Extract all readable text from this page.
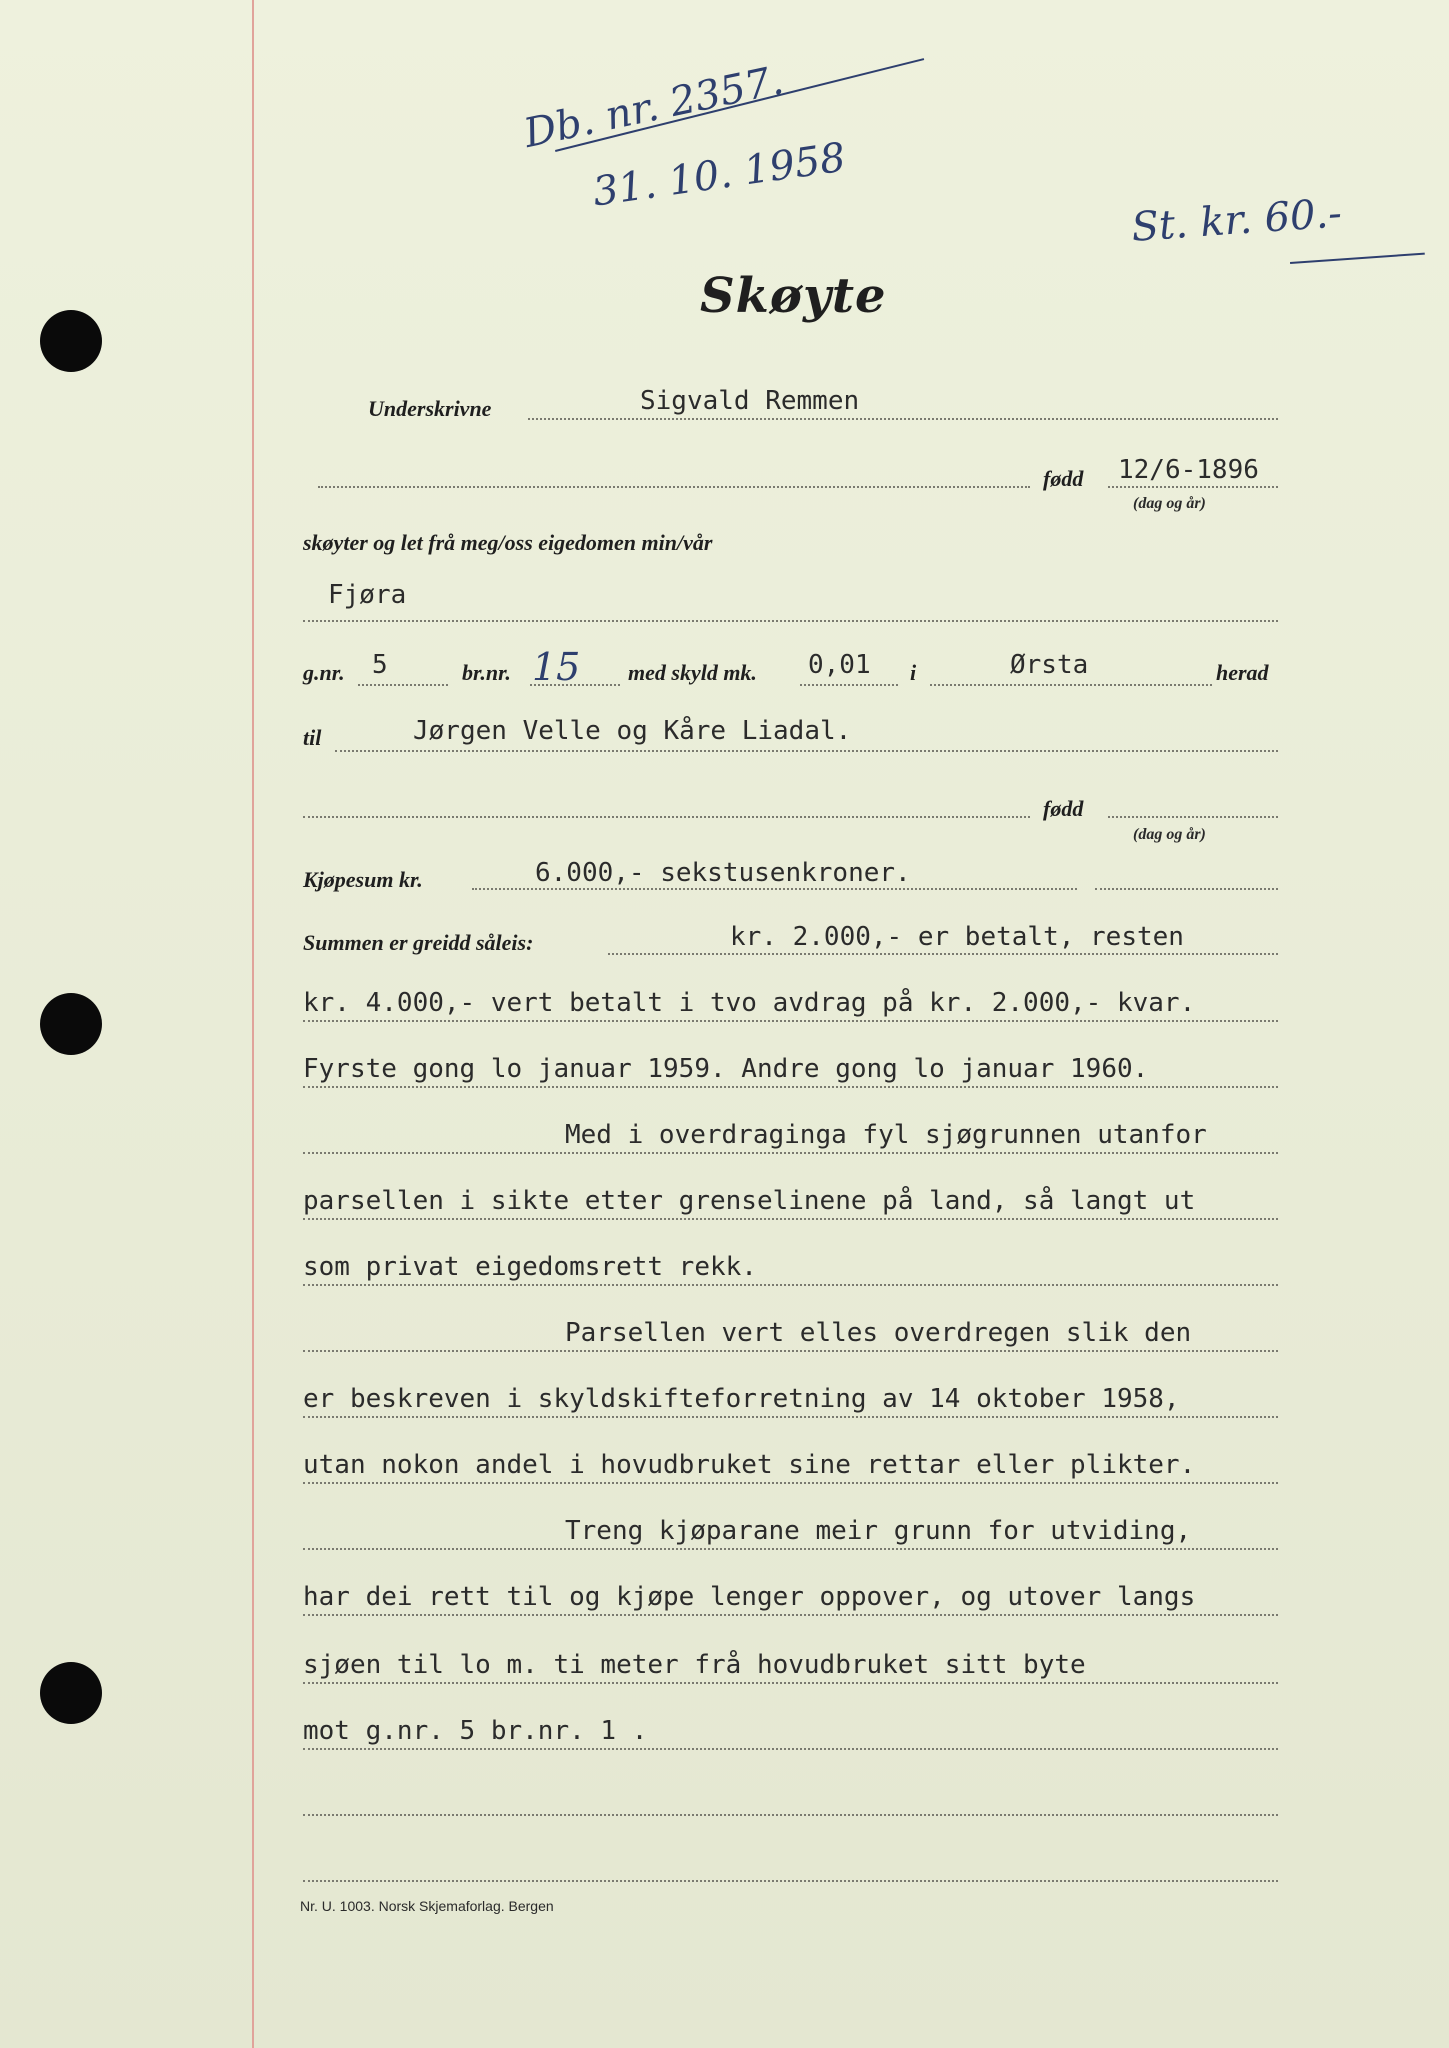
Db. nr. 2357.
31. 10. 1958
St. kr. 60.-
Skøyte
Underskrivne	Sigvald Remmen
fødd 12/6-1896
(dag og år)
skøyter og let frå meg/oss eigedomen min/vår
Fjøra
g.nr. 5	br.nr. 15 med skyld mk. 0,01 i	Ørsta	herad
til	Jørgen Velle og Kåre Liadal.
fødd
(dag og år)
Kjøpesum kr.	6.000,- sekstusenkroner.
Summen er greidd såleis:	kr. 2.000,- er betalt, resten
kr. 4.000,- vert betalt i tvo avdrag på kr. 2.000,- kvar.
Fyrste gong lo januar 1959. Andre gong lo januar 1960.
Med i overdraginga fyl sjøgrunnen utanfor
parsellen i sikte etter grenselinene på land, så langt ut
som privat eigedomsrett rekk.
Parsellen vert elles overdregen slik den
er beskreven i skyldskifteforretning av 14 oktober 1958,
utan nokon andel i hovudbruket sine rettar eller plikter.
Treng kjøparane meir grunn for utviding,
har dei rett til og kjøpe lenger oppover, og utover langs
sjøen til lo m. ti meter frå hovudbruket sitt byte
mot g.nr. 5 br.nr. 1 .
Nr. U. 1003. Norsk Skjemaforlag. Bergen
